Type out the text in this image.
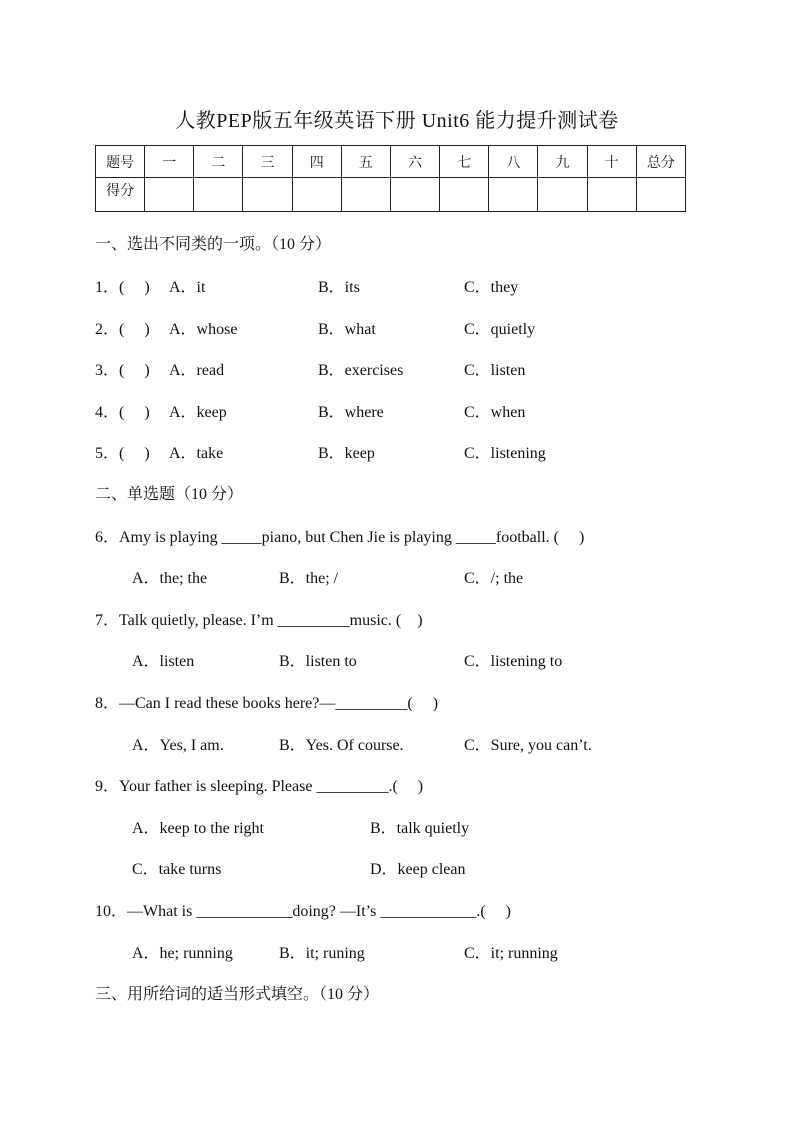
人教PEP版五年级英语下册 Unit6 能力提升测试卷
题号	一	二	三	四	五	六	七	八	九	十	总分
得分											
一、选出不同类的一项。（10 分）
1．(　 ) A．it	B．its	C．they
2．(　 ) A．whose	B．what	C．quietly
3．(　 ) A．read	B．exercises	C．listen
4．(　 ) A．keep	B．where	C．when
5．(　 ) A．take	B．keep	C．listening
二、单选题（10 分）
6．Amy is playing _____piano, but Chen Jie is playing _____football. (　 )
A．the; the	B．the; /	C．/; the
7．Talk quietly, please. I’m _________music. (　)
A．listen	B．listen to	C．listening to
8．—Can I read these books here?—_________(　 )
A．Yes, I am.	B．Yes. Of course.	C．Sure, you can’t.
9．Your father is sleeping. Please _________.(　 )
A．keep to the right	B．talk quietly
C．take turns	D．keep clean
10．—What is ____________doing? —It’s ____________.(　 )
A．he; running	B．it; runing	C．it; running
三、用所给词的适当形式填空。（10 分）
